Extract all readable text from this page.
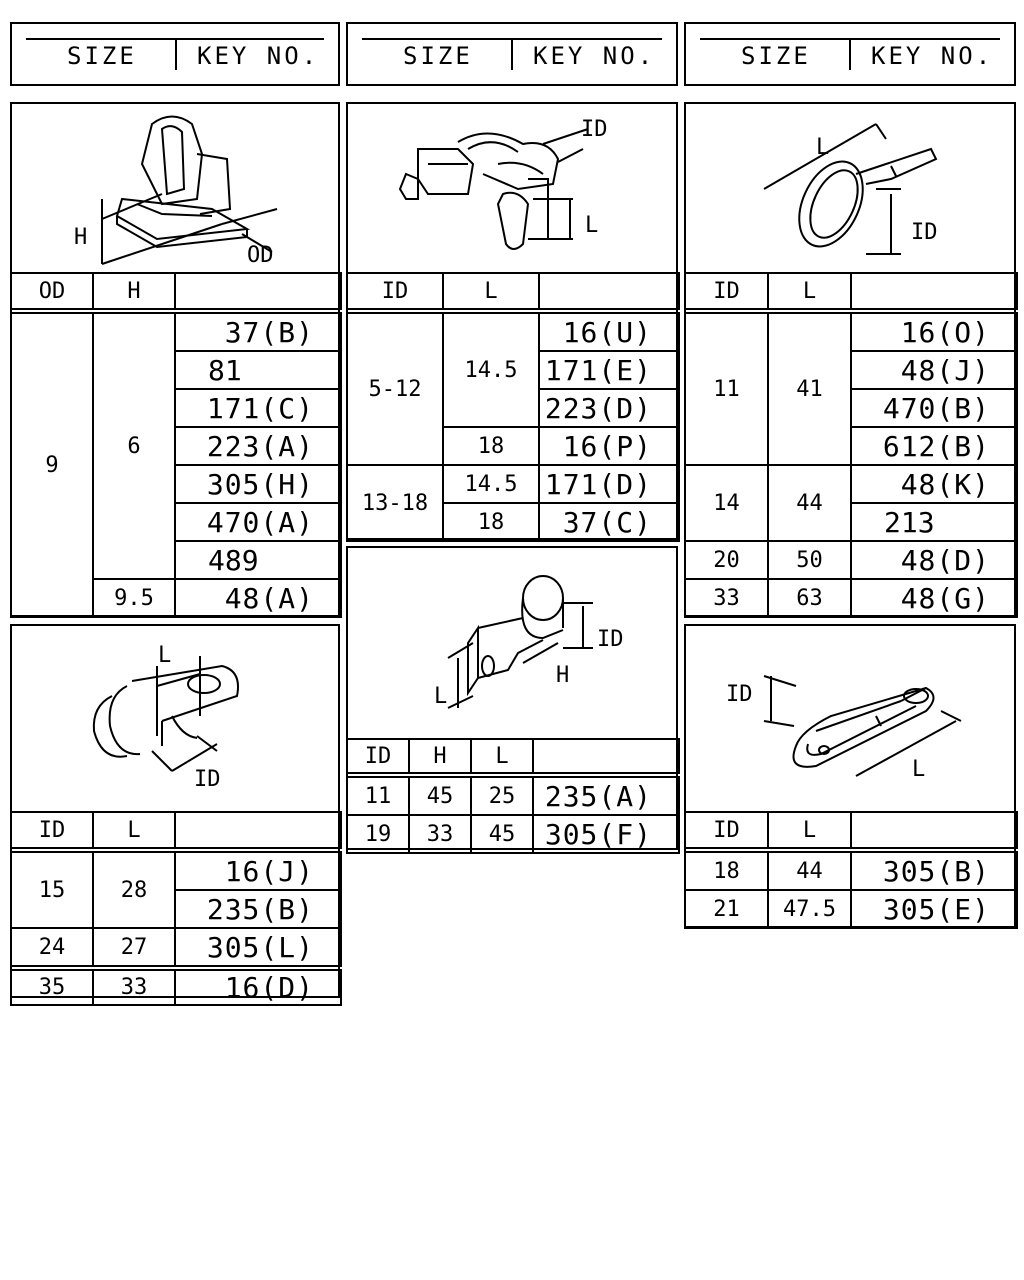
SIZE	KEY NO.	SIZE	KEY NO.	SIZE	KEY NO.
H
OD
OD	H	

9	6	37(B)
		81
		171(C)
		223(A)
		305(H)
		470(A)
		489
	9.5	48(A)
ID
L
ID	L	

5-12	14.5	16(U)
		171(E)
		223(D)
	18	16(P)
13-18	14.5	171(D)
	18	37(C)
L
ID
ID	L	

11	41	16(O)
		48(J)
		470(B)
		612(B)
14	44	48(K)
		213
20	50	48(D)
33	63	48(G)
L
ID
ID	L	

15	28	16(J)
		235(B)
24	27	305(L)

35	33	16(D)
ID
L
H
ID	H	L	

11	45	25	235(A)
19	33	45	305(F)
ID
L
ID	L	

18	44	305(B)
21	47.5	305(E)
